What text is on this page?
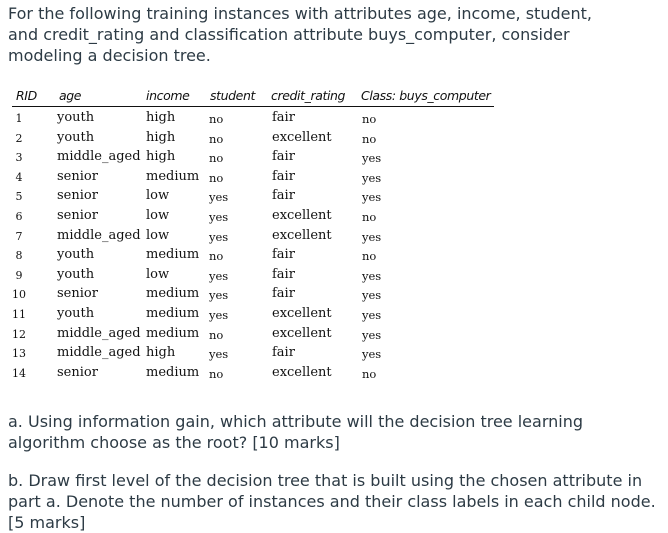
For the following training instances with attributes age, income, student, and credit_rating and classification attribute buys_computer, consider modeling a decision tree.

RID age	income student credit_rating Class: buys_computer
1	youth	high	no	fair	no
2	youth	high	no	excellent	no
3	middle_aged high	no	fair	yes
4	senior	medium no	fair	yes
5	senior	low	yes	fair	yes
6	senior	low	yes	excellent	no
7	middle_aged low	yes	excellent	yes
8	youth	medium no	fair	no
9	youth	low	yes	fair	yes
10 senior	medium yes	fair	yes
11 youth	medium yes	excellent	yes
12 middle_aged medium no	excellent	yes
13 middle_aged high	yes	fair	yes
14 senior	medium no	excellent	no

a. Using information gain, which attribute will the decision tree learning algorithm choose as the root? [10 marks]

b. Draw first level of the decision tree that is built using the chosen attribute in part a. Denote the number of instances and their class labels in each child node. [5 marks]
